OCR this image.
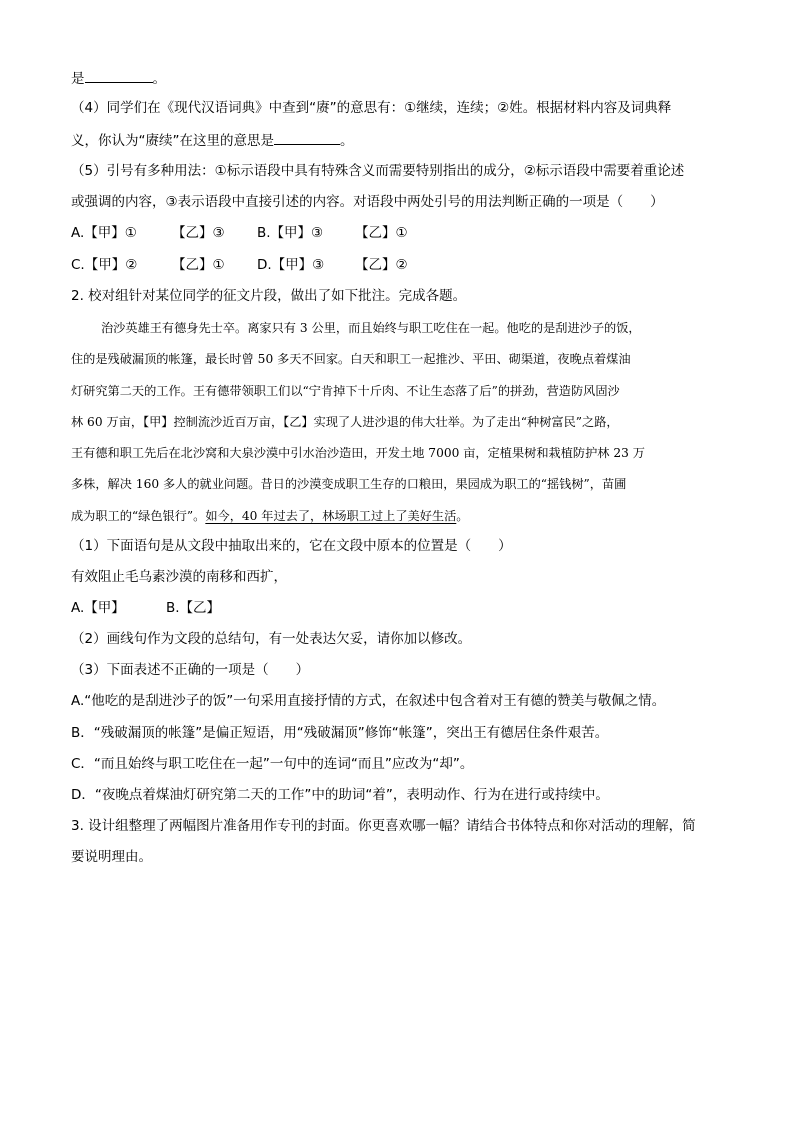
是	。
（4）同学们在《现代汉语词典》中查到“赓”的意思有：①继续，连续；②姓。根据材料内容及词典释
义，你认为“赓续”在这里的意思是	。
（5）引号有多种用法：①标示语段中具有特殊含义而需要特别指出的成分，②标示语段中需要着重论述
或强调的内容，③表示语段中直接引述的内容。对语段中两处引号的用法判断正确的一项是（　　）
A.【甲】①	【乙】③ B.【甲】③ 【乙】①
C.【甲】②	【乙】① D.【甲】③ 【乙】②
2. 校对组针对某位同学的征文片段，做出了如下批注。完成各题。
治沙英雄王有德身先士卒。离家只有 3 公里，而且始终与职工吃住在一起。他吃的是刮进沙子的饭，
住的是残破漏顶的帐篷，最长时曾 50 多天不回家。白天和职工一起推沙、平田、砌渠道，夜晚点着煤油
灯研究第二天的工作。王有德带领职工们以“宁肯掉下十斤肉、不让生态落了后”的拼劲，营造防风固沙
林 60 万亩，【甲】控制流沙近百万亩，【乙】实现了人进沙退的伟大壮举。为了走出“种树富民”之路，
王有德和职工先后在北沙窝和大泉沙漠中引水治沙造田，开发土地 7000 亩，定植果树和栽植防护林 23 万
多株，解决 160 多人的就业问题。昔日的沙漠变成职工生存的口粮田，果园成为职工的“摇钱树”，苗圃
成为职工的“绿色银行”。如今，40 年过去了，林场职工过上了美好生活。
（1）下面语句是从文段中抽取出来的，它在文段中原本的位置是（　　）
有效阻止毛乌素沙漠的南移和西扩，
A.【甲】	B.【乙】
（2）画线句作为文段的总结句，有一处表达欠妥，请你加以修改。
（3）下面表述不正确的一项是（　　）
A.“他吃的是刮进沙子的饭”一句采用直接抒情的方式，在叙述中包含着对王有德的赞美与敬佩之情。
B．“残破漏顶的帐篷”是偏正短语，用“残破漏顶”修饰“帐篷”，突出王有德居住条件艰苦。
C．“而且始终与职工吃住在一起”一句中的连词“而且”应改为“却”。
D．“夜晚点着煤油灯研究第二天的工作”中的助词“着”，表明动作、行为在进行或持续中。
3. 设计组整理了两幅图片准备用作专刊的封面。你更喜欢哪一幅？请结合书体特点和你对活动的理解，简
要说明理由。
